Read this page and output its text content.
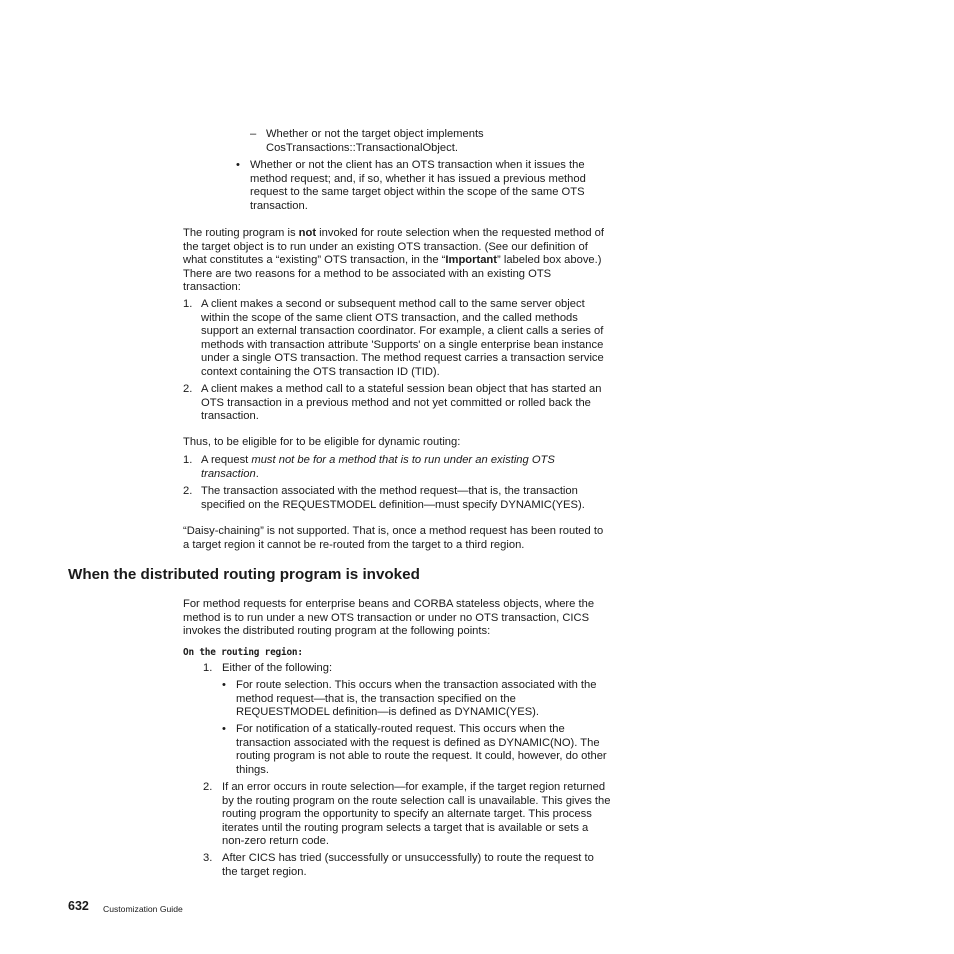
– Whether or not the target object implements CosTransactions::TransactionalObject.

• Whether or not the client has an OTS transaction when it issues the method request; and, if so, whether it has issued a previous method request to the same target object within the scope of the same OTS transaction.

The routing program is not invoked for route selection when the requested method of the target object is to run under an existing OTS transaction. (See our definition of what constitutes a “existing” OTS transaction, in the “Important” labeled box above.) There are two reasons for a method to be associated with an existing OTS transaction:

1. A client makes a second or subsequent method call to the same server object within the scope of the same client OTS transaction, and the called methods support an external transaction coordinator. For example, a client calls a series of methods with transaction attribute 'Supports' on a single enterprise bean instance under a single OTS transaction. The method request carries a transaction service context containing the OTS transaction ID (TID).

2. A client makes a method call to a stateful session bean object that has started an OTS transaction in a previous method and not yet committed or rolled back the transaction.

Thus, to be eligible for to be eligible for dynamic routing:

1. A request must not be for a method that is to run under an existing OTS transaction.

2. The transaction associated with the method request—that is, the transaction specified on the REQUESTMODEL definition—must specify DYNAMIC(YES).

“Daisy-chaining” is not supported. That is, once a method request has been routed to a target region it cannot be re-routed from the target to a third region.

When the distributed routing program is invoked

For method requests for enterprise beans and CORBA stateless objects, where the method is to run under a new OTS transaction or under no OTS transaction, CICS invokes the distributed routing program at the following points:

On the routing region:

1. Either of the following:

• For route selection. This occurs when the transaction associated with the method request—that is, the transaction specified on the REQUESTMODEL definition—is defined as DYNAMIC(YES).

• For notification of a statically-routed request. This occurs when the transaction associated with the request is defined as DYNAMIC(NO). The routing program is not able to route the request. It could, however, do other things.

2. If an error occurs in route selection—for example, if the target region returned by the routing program on the route selection call is unavailable. This gives the routing program the opportunity to specify an alternate target. This process iterates until the routing program selects a target that is available or sets a non-zero return code.

3. After CICS has tried (successfully or unsuccessfully) to route the request to the target region.

632 Customization Guide
